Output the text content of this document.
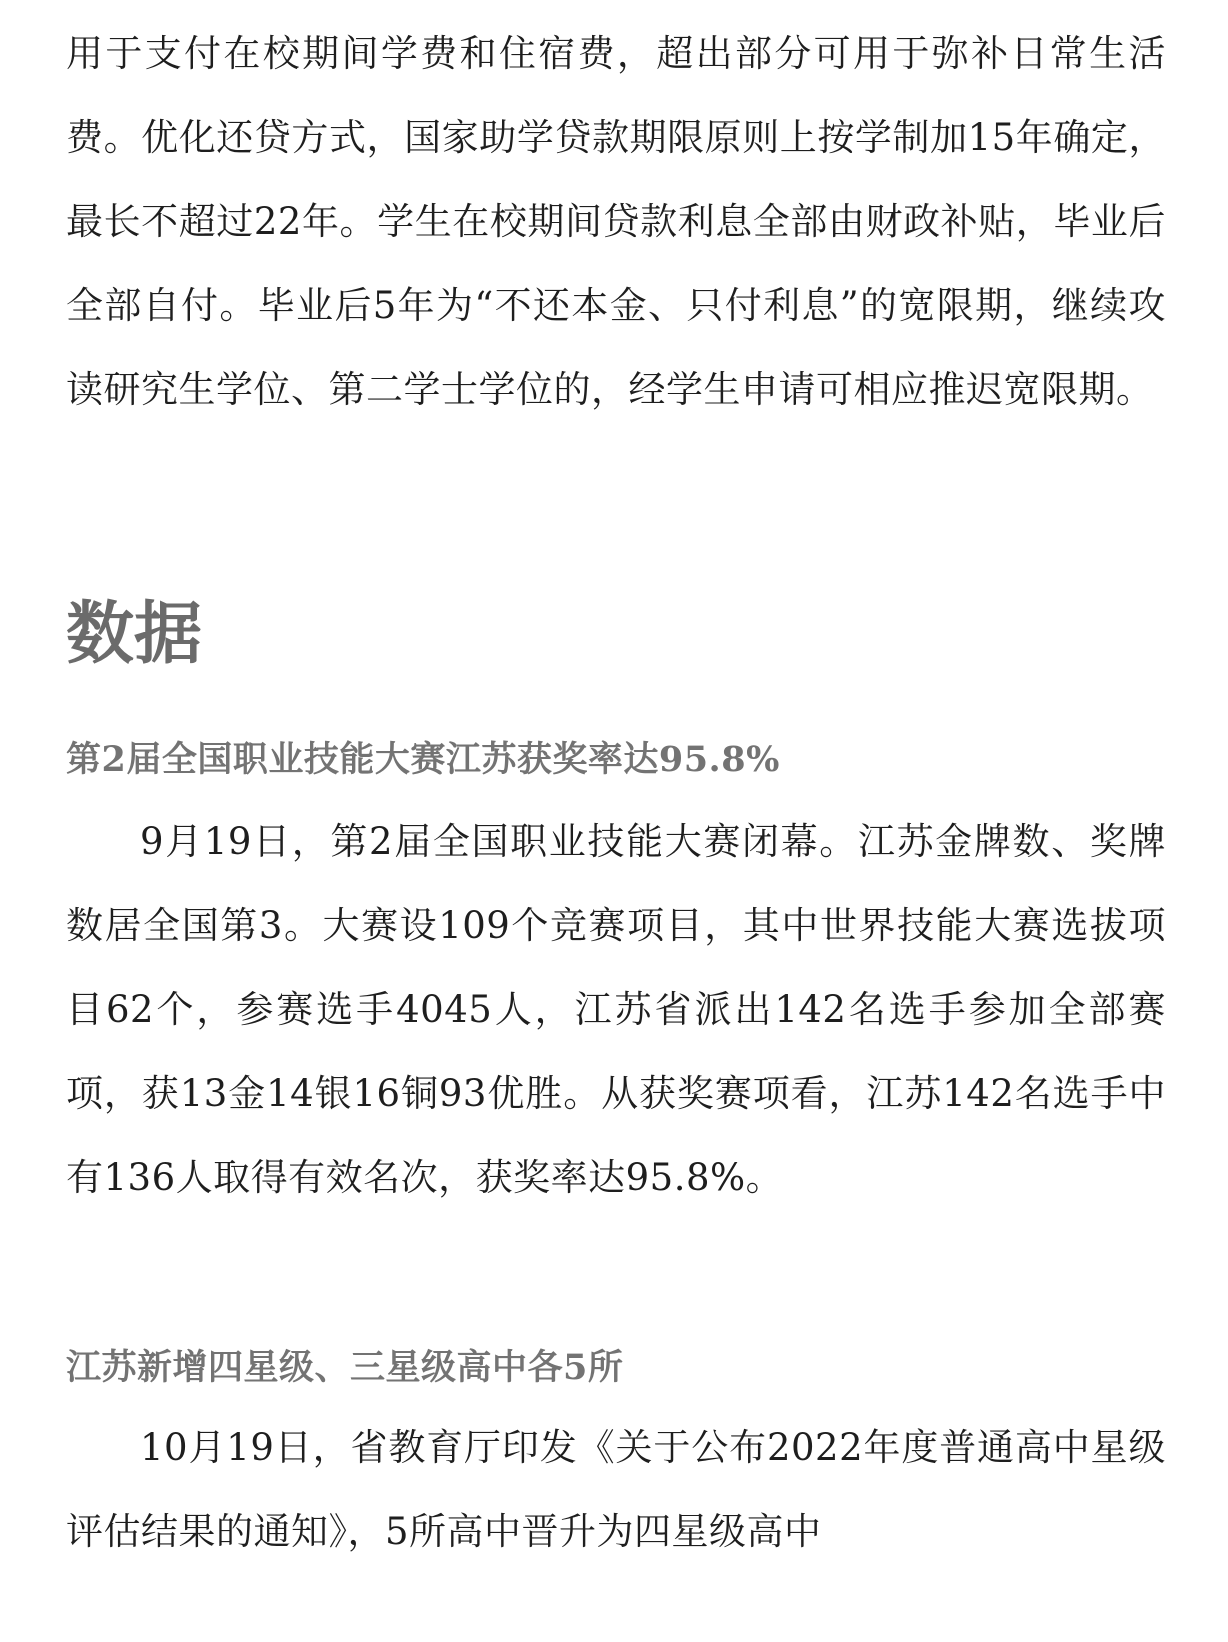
用于支付在校期间学费和住宿费，超出部分可用于弥补日常生活费。优化还贷方式，国家助学贷款期限原则上按学制加15年确定，最长不超过22年。学生在校期间贷款利息全部由财政补贴，毕业后全部自付。毕业后5年为“不还本金、只付利息”的宽限期，继续攻读研究生学位、第二学士学位的，经学生申请可相应推迟宽限期。

数据
第2届全国职业技能大赛江苏获奖率达95.8%

9月19日，第2届全国职业技能大赛闭幕。江苏金牌数、奖牌数居全国第3。大赛设109个竞赛项目，其中世界技能大赛选拔项目62个，参赛选手4045人，江苏省派出142名选手参加全部赛项，获13金14银16铜93优胜。从获奖赛项看，江苏142名选手中有136人取得有效名次，获奖率达95.8%。

江苏新增四星级、三星级高中各5所

10月19日，省教育厅印发《关于公布2022年度普通高中星级评估结果的通知》，5所高中晋升为四星级高中
